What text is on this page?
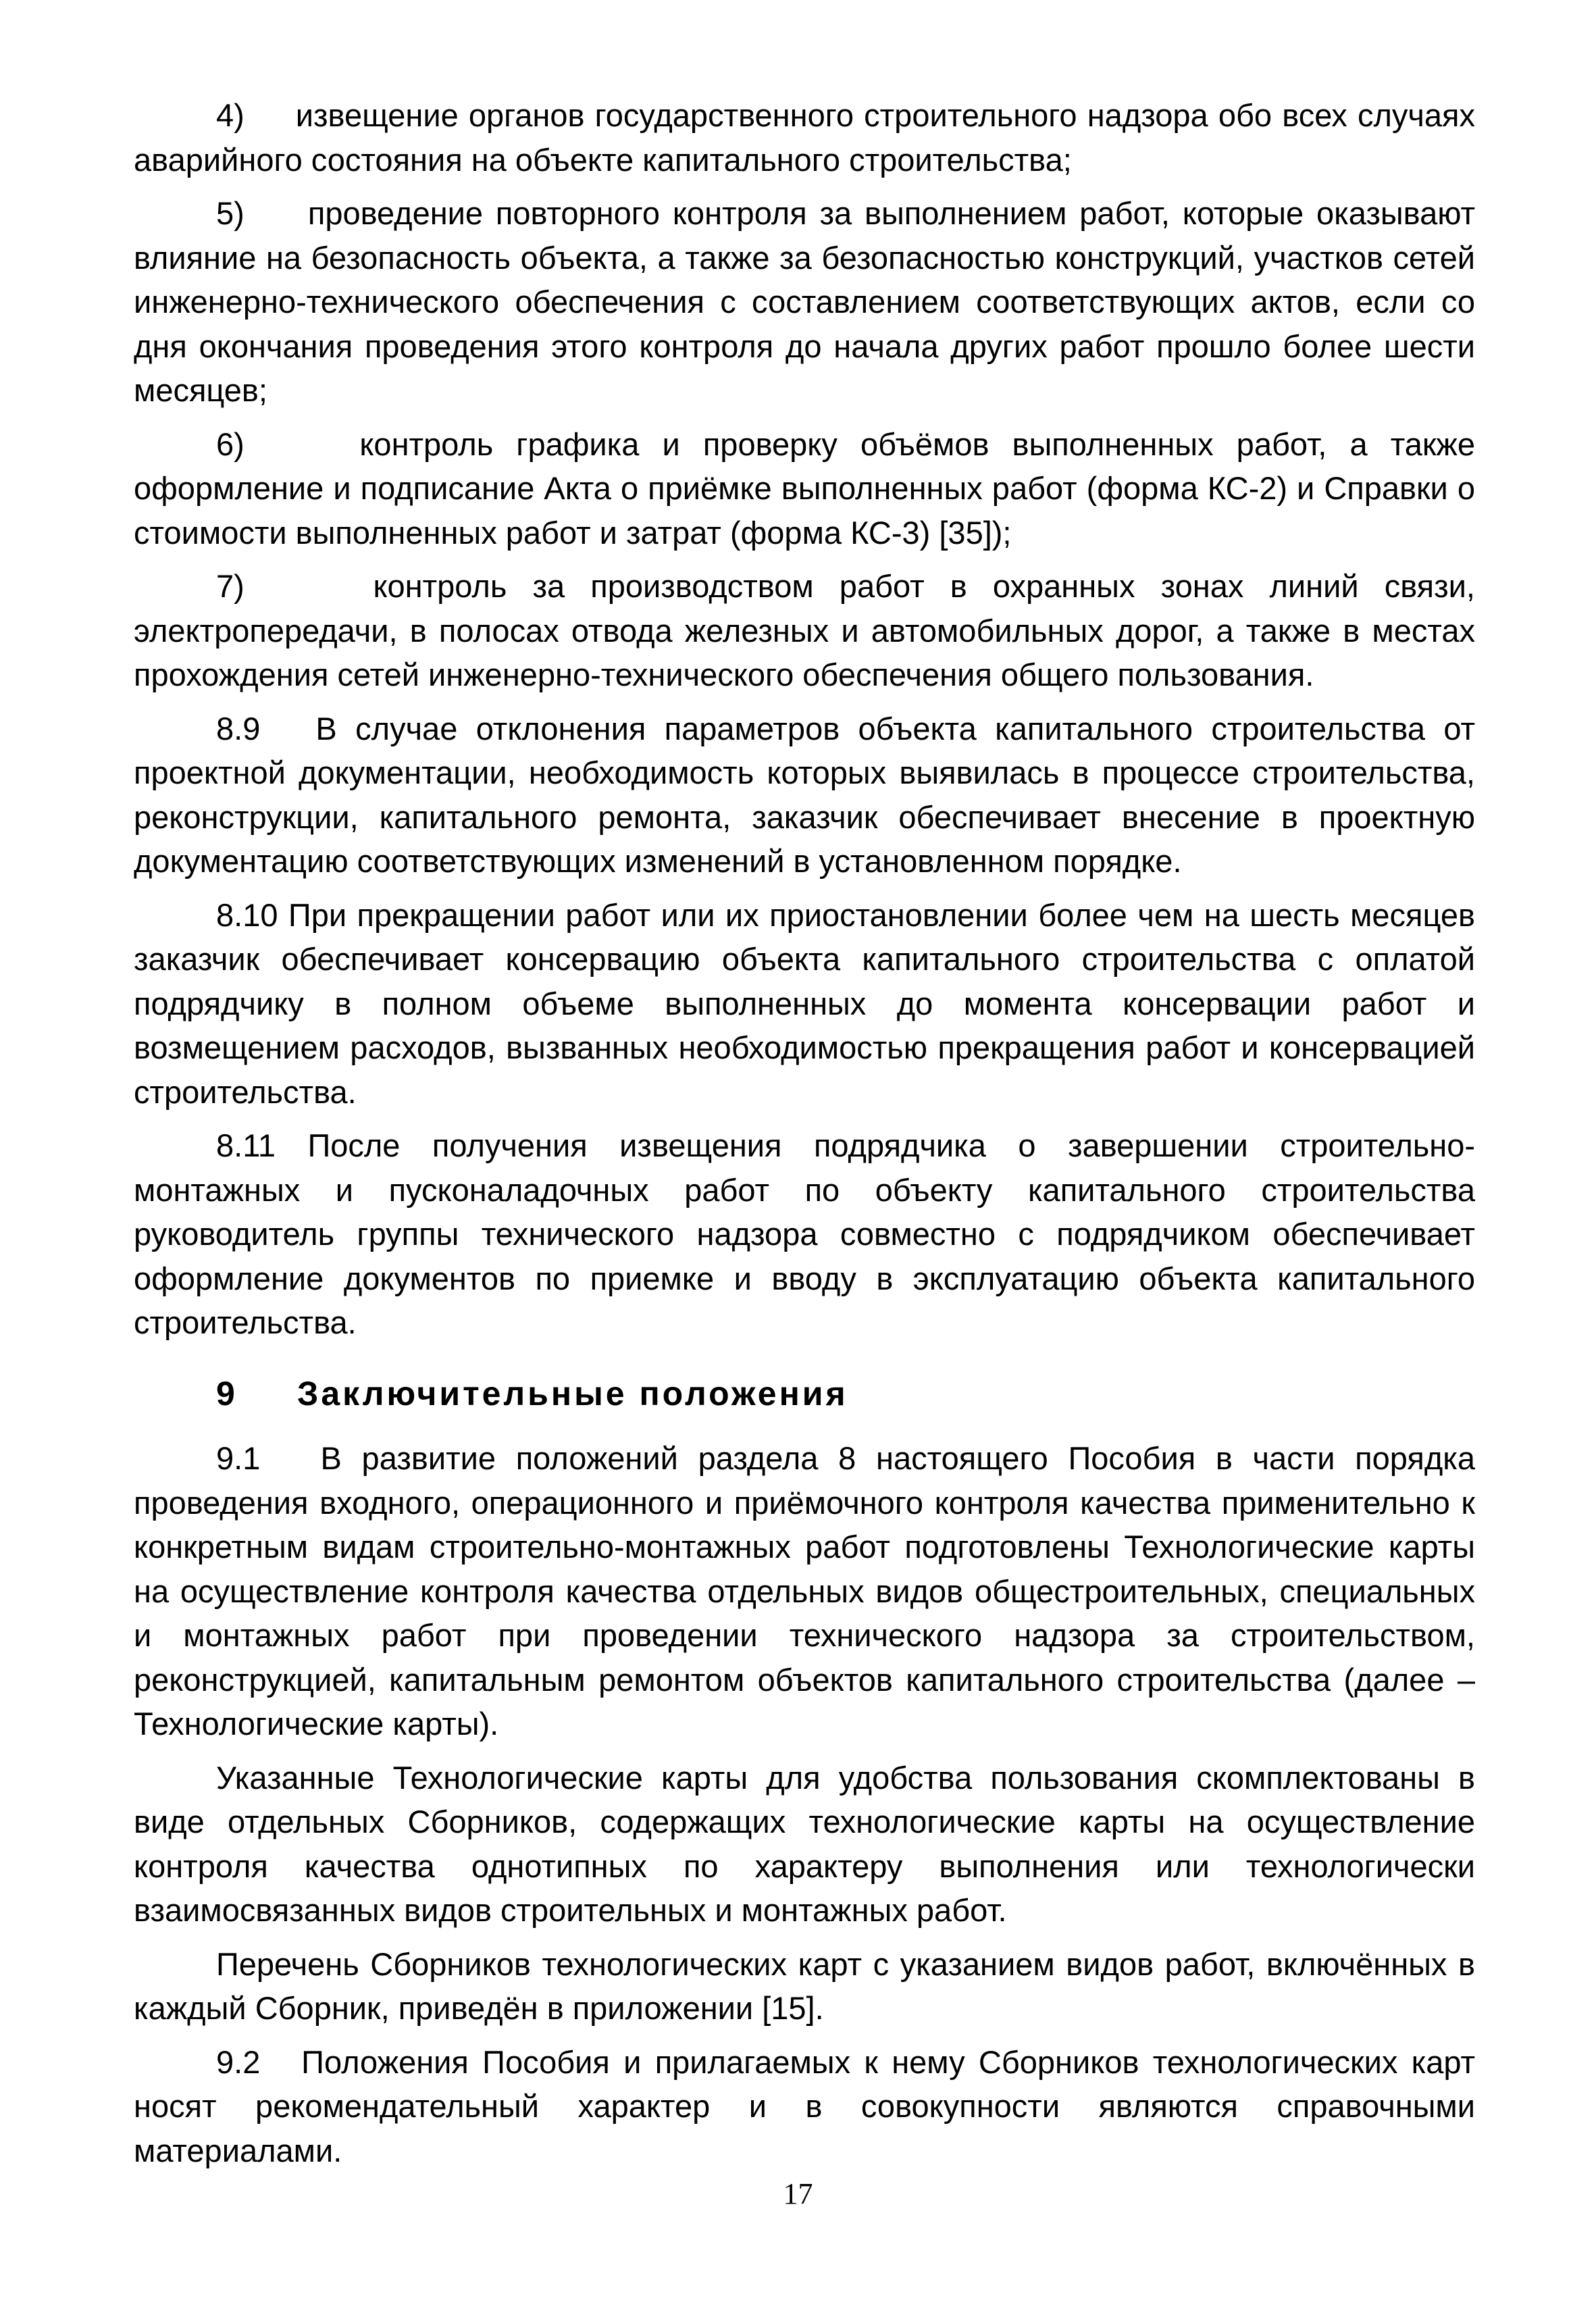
4)     извещение органов государственного строительного надзора обо всех случаях аварийного состояния на объекте капитального строительства;

5)     проведение повторного контроля за выполнением работ, которые оказывают влияние на безопасность объекта, а также за безопасностью конструкций, участков сетей инженерно-технического обеспечения с составлением соответствующих актов, если со дня окончания проведения этого контроля до начала других работ прошло более шести месяцев;

6)     контроль графика и проверку объёмов выполненных работ, а также оформление и подписание Акта о приёмке выполненных работ (форма КС-2) и Справки о стоимости выполненных работ и затрат (форма КС-3) [35]);

7)     контроль за производством работ в охранных зонах линий связи, электропередачи, в полосах отвода железных и автомобильных дорог, а также в местах прохождения сетей инженерно-технического обеспечения общего пользования.

8.9   В случае отклонения параметров объекта капитального строительства от проектной документации, необходимость которых выявилась в процессе строительства, реконструкции, капитального ремонта, заказчик обеспечивает внесение в проектную документацию соответствующих изменений в установленном порядке.

8.10 При прекращении работ или их приостановлении более чем на шесть месяцев заказчик обеспечивает консервацию объекта капитального строительства с оплатой подрядчику в полном объеме выполненных до момента консервации работ и возмещением расходов, вызванных необходимостью прекращения работ и консервацией строительства.

8.11 После получения извещения подрядчика о завершении строительно-монтажных и пусконаладочных работ по объекту капитального строительства руководитель группы технического надзора совместно с подрядчиком обеспечивает оформление документов по приемке и вводу в эксплуатацию объекта капитального строительства.

9 Заключительные положения

9.1   В развитие положений раздела 8 настоящего Пособия в части порядка проведения входного, операционного и приёмочного контроля качества применительно к конкретным видам строительно-монтажных работ подготовлены Технологические карты на осуществление контроля качества отдельных видов общестроительных, специальных и монтажных работ при проведении технического надзора за строительством, реконструкцией, капитальным ремонтом объектов капитального строительства (далее – Технологические карты).

Указанные Технологические карты для удобства пользования скомплектованы в виде отдельных Сборников, содержащих технологические карты на осуществление контроля качества однотипных по характеру выполнения или технологически взаимосвязанных видов строительных и монтажных работ.

Перечень Сборников технологических карт с указанием видов работ, включённых в каждый Сборник, приведён в приложении [15].

9.2   Положения Пособия и прилагаемых к нему Сборников технологических карт носят рекомендательный характер и в совокупности являются справочными материалами.

17
